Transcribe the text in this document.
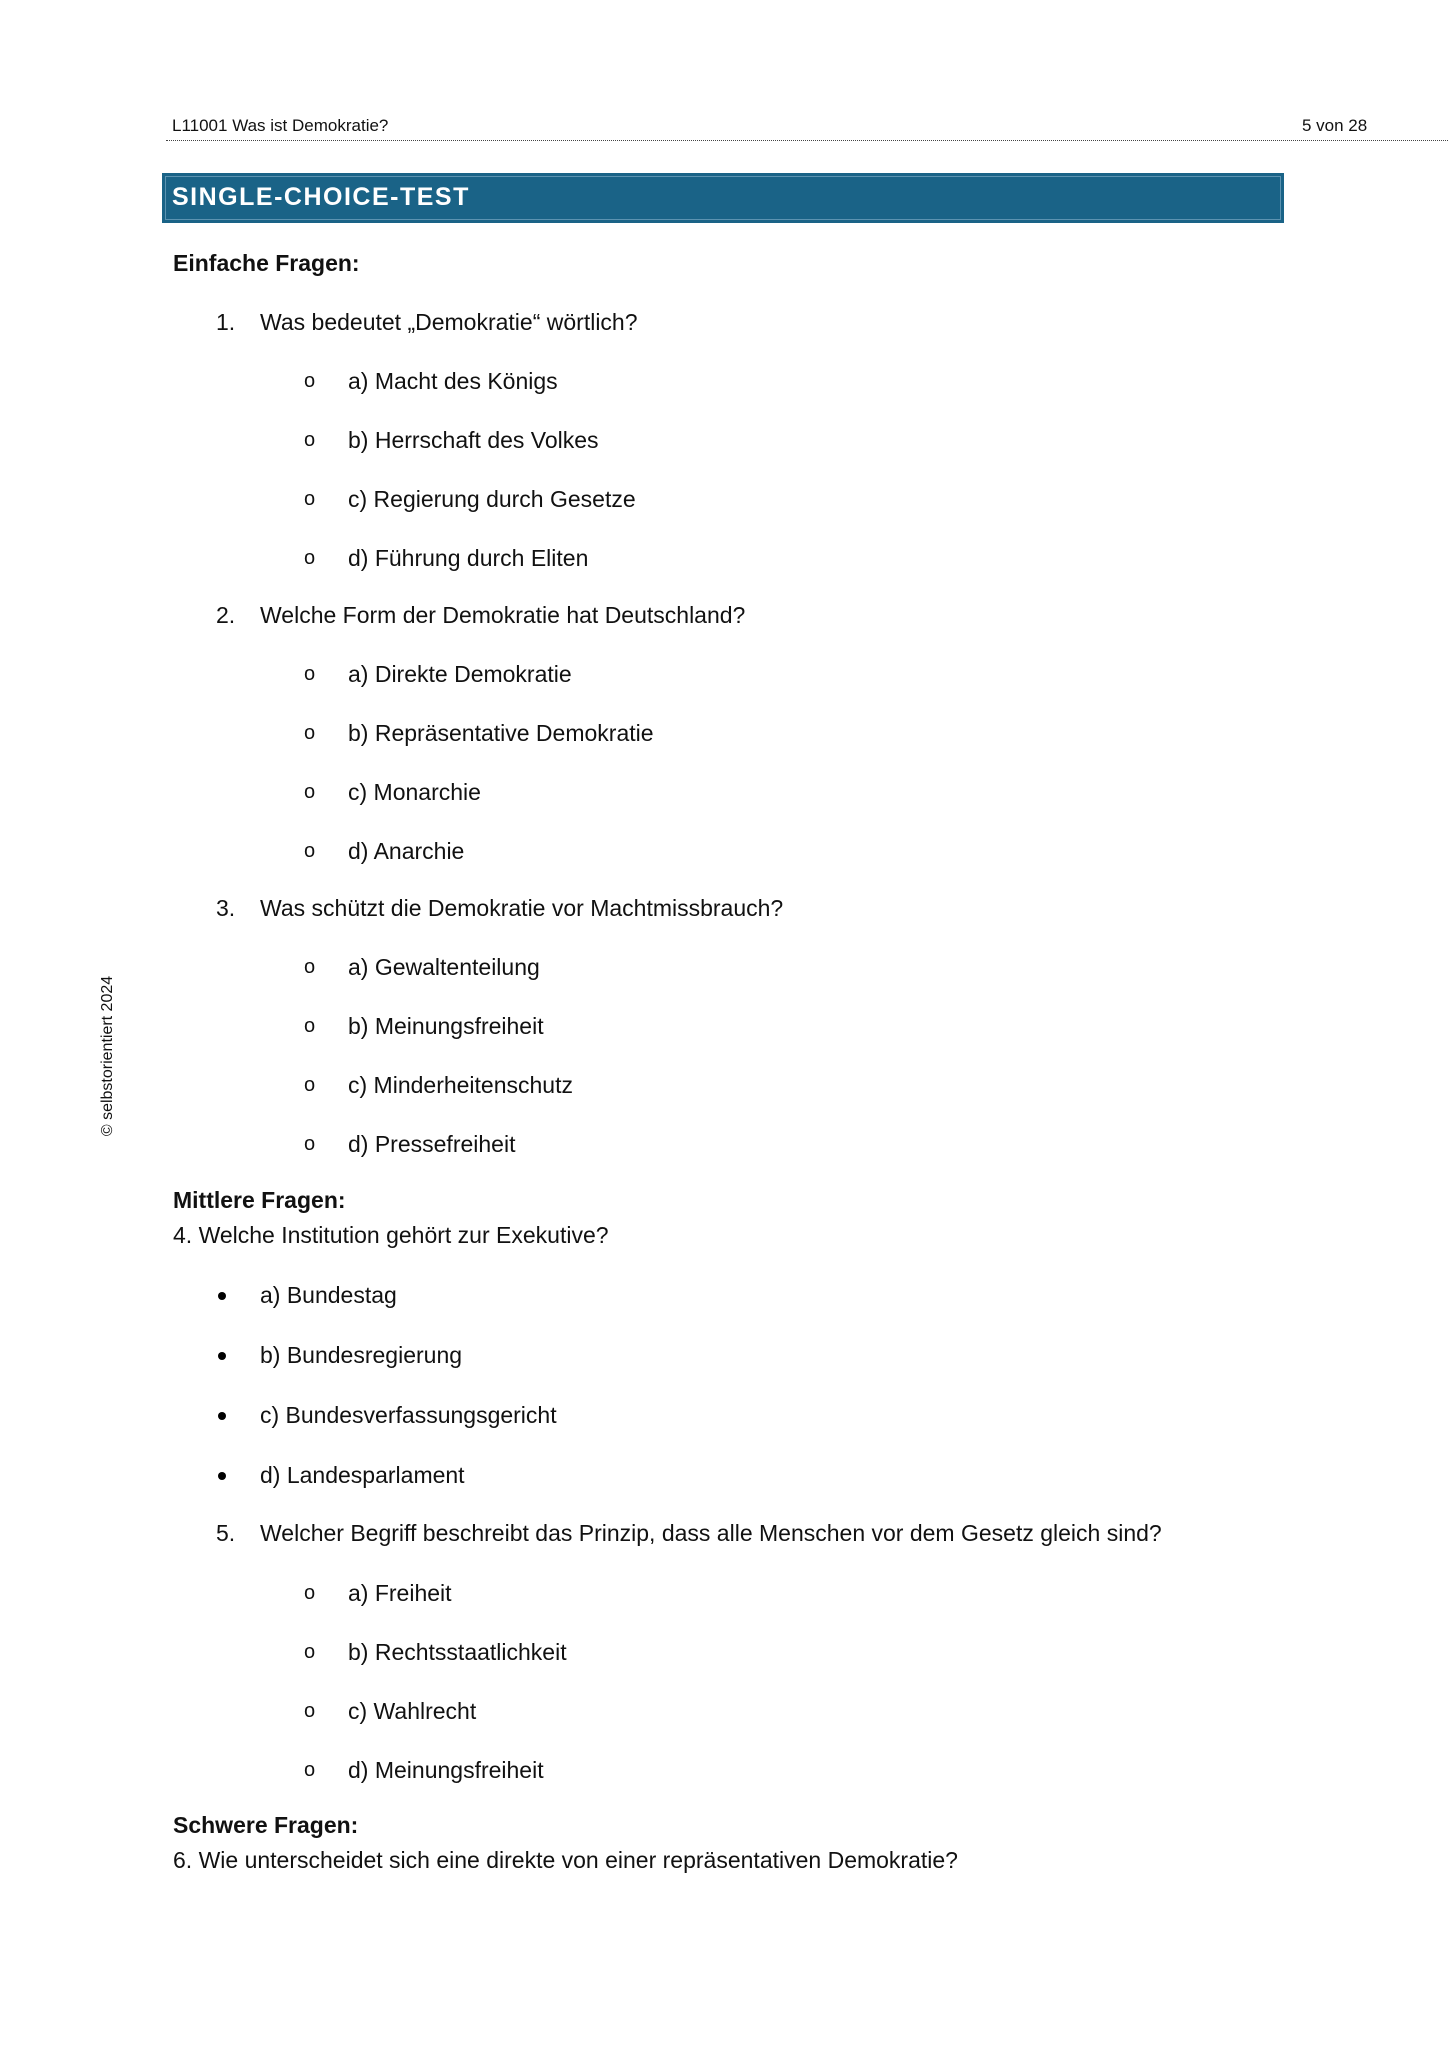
L11001 Was ist Demokratie?	5 von 28
© selbstorientiert 2024
SINGLE-CHOICE-TEST
Einfache Fragen:
1. Was bedeutet „Demokratie“ wörtlich?
o a) Macht des Königs
o b) Herrschaft des Volkes
o c) Regierung durch Gesetze
o d) Führung durch Eliten
2. Welche Form der Demokratie hat Deutschland?
o a) Direkte Demokratie
o b) Repräsentative Demokratie
o c) Monarchie
o d) Anarchie
3. Was schützt die Demokratie vor Machtmissbrauch?
o a) Gewaltenteilung
o b) Meinungsfreiheit
o c) Minderheitenschutz
o d) Pressefreiheit
Mittlere Fragen:
4. Welche Institution gehört zur Exekutive?
a) Bundestag
b) Bundesregierung
c) Bundesverfassungsgericht
d) Landesparlament
5. Welcher Begriff beschreibt das Prinzip, dass alle Menschen vor dem Gesetz gleich sind?
o a) Freiheit
o b) Rechtsstaatlichkeit
o c) Wahlrecht
o d) Meinungsfreiheit
Schwere Fragen:
6. Wie unterscheidet sich eine direkte von einer repräsentativen Demokratie?
